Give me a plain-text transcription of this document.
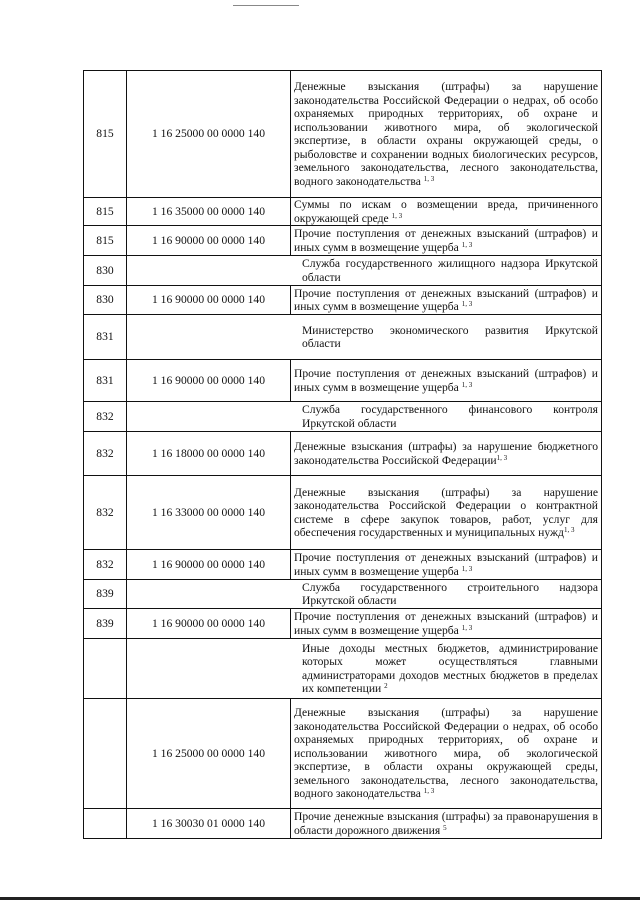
815	1 16 25000 00 0000 140	Денежные взыскания (штрафы) за нарушение законодательства Российской Федерации о недрах, об особо охраняемых природных территориях, об охране и использовании животного мира, об экологической экспертизе, в области охраны окружающей среды, о рыболовстве и сохранении водных биологических ресурсов, земельного законодательства, лесного законодательства, водного законодательства $^{1, 3}$
815	1 16 35000 00 0000 140	Суммы по искам о возмещении вреда, причиненного окружающей среде $^{1, 3}$
815	1 16 90000 00 0000 140	Прочие поступления от денежных взысканий (штрафов) и иных сумм в возмещение ущерба $^{1, 3}$
830	Служба государственного жилищного надзора Иркутской области	
830	1 16 90000 00 0000 140	Прочие поступления от денежных взысканий (штрафов) и иных сумм в возмещение ущерба $^{1, 3}$
831	Министерство экономического развития Иркутской области	
831	1 16 90000 00 0000 140	Прочие поступления от денежных взысканий (штрафов) и иных сумм в возмещение ущерба $^{1, 3}$
832	Служба государственного финансового контроля Иркутской области	
832	1 16 18000 00 0000 140	Денежные взыскания (штрафы) за нарушение бюджетного законодательства Российской Федерации$^{1, 3}$
832	1 16 33000 00 0000 140	Денежные взыскания (штрафы) за нарушение законодательства Российской Федерации о контрактной системе в сфере закупок товаров, работ, услуг для обеспечения государственных и муниципальных нужд$^{1, 3}$
832	1 16 90000 00 0000 140	Прочие поступления от денежных взысканий (штрафов) и иных сумм в возмещение ущерба $^{1, 3}$
839	Служба государственного строительного надзора Иркутской области	
839	1 16 90000 00 0000 140	Прочие поступления от денежных взысканий (штрафов) и иных сумм в возмещение ущерба $^{1, 3}$
	Иные доходы местных бюджетов, администрирование которых может осуществляться главными администраторами доходов местных бюджетов в пределах их компетенции $^2$
	1 16 25000 00 0000 140	Денежные взыскания (штрафы) за нарушение законодательства Российской Федерации о недрах, об особо охраняемых природных территориях, об охране и использовании животного мира, об экологической экспертизе, в области охраны окружающей среды, земельного законодательства, лесного законодательства, водного законодательства $^{1, 3}$
	1 16 30030 01 0000 140	Прочие денежные взыскания (штрафы) за правонарушения в области дорожного движения $^5$
